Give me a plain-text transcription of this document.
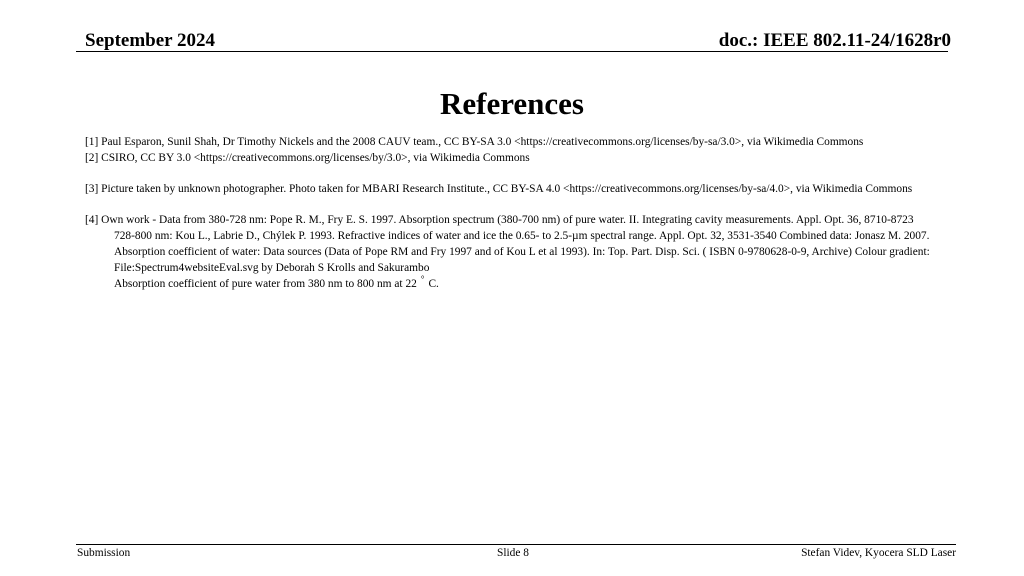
September 2024	doc.: IEEE 802.11-24/1628r0
References

[1] Paul Esparon, Sunil Shah, Dr Timothy Nickels and the 2008 CAUV team., CC BY-SA 3.0 <https://creativecommons.org/licenses/by-sa/3.0>, via Wikimedia Commons

[2] CSIRO, CC BY 3.0 <https://creativecommons.org/licenses/by/3.0>, via Wikimedia Commons

[3] Picture taken by unknown photographer. Photo taken for MBARI Research Institute., CC BY-SA 4.0 <https://creativecommons.org/licenses/by-sa/4.0>, via Wikimedia Commons

[4] Own work - Data from 380-728 nm: Pope R. M., Fry E. S. 1997. Absorption spectrum (380-700 nm) of pure water. II. Integrating cavity measurements. Appl. Opt. 36, 8710-8723 728-800 nm: Kou L., Labrie D., Chýlek P. 1993. Refractive indices of water and ice the 0.65- to 2.5-µm spectral range. Appl. Opt. 32, 3531-3540 Combined data: Jonasz M. 2007. Absorption coefficient of water: Data sources (Data of Pope RM and Fry 1997 and of Kou L et al 1993). In: Top. Part. Disp. Sci. ( ISBN 0-9780628-0-9, Archive) Colour gradient: File:Spectrum4websiteEval.svg by Deborah S Krolls and Sakurambo
Absorption coefficient of pure water from 380 nm to 800 nm at 22 ° C.
Submission	Slide 8	Stefan Videv, Kyocera SLD Laser
